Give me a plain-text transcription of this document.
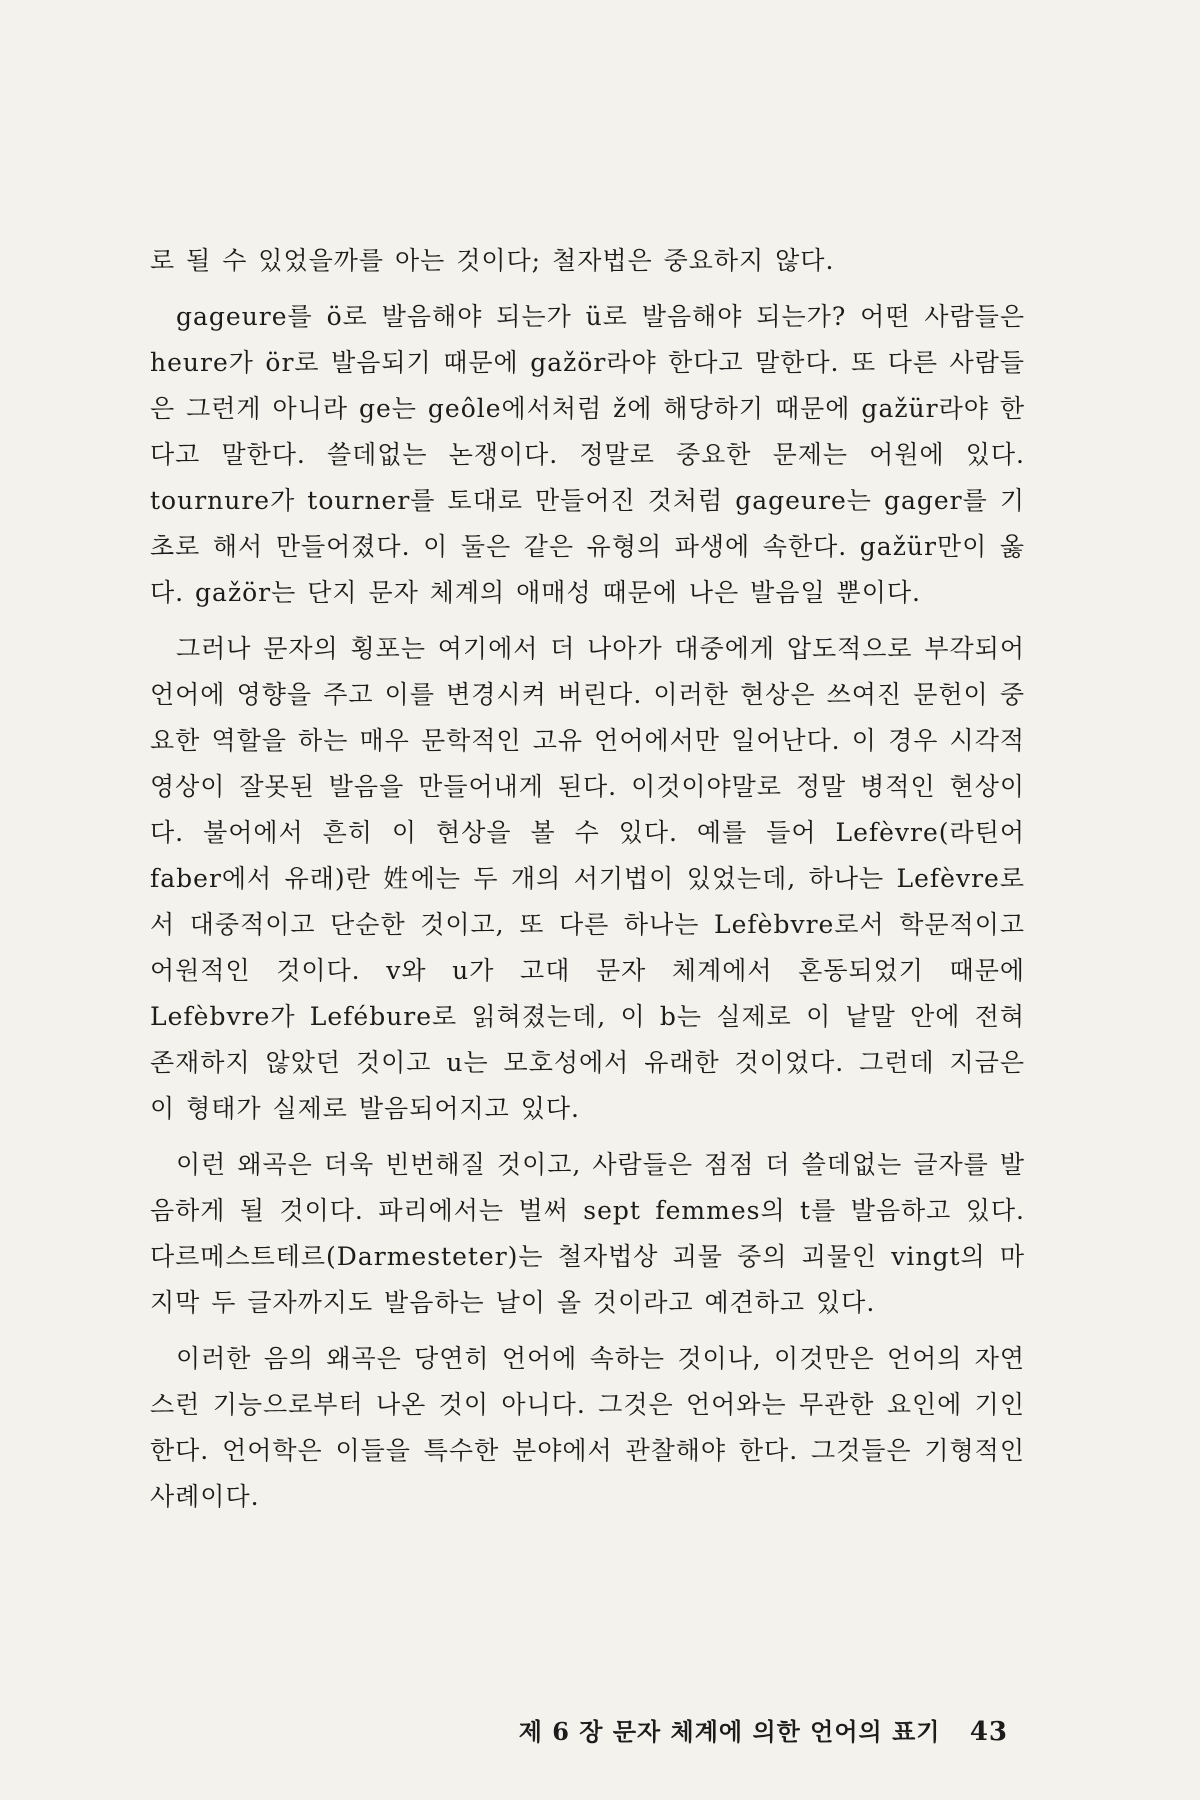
로 될 수 있었을까를 아는 것이다; 철자법은 중요하지 않다.

gageure를 ö로 발음해야 되는가 ü로 발음해야 되는가? 어떤 사람들은 heure가 ör로 발음되기 때문에 gažör라야 한다고 말한다. 또 다른 사람들은 그런게 아니라 ge는 geôle에서처럼 ž에 해당하기 때문에 gažür라야 한다고 말한다. 쓸데없는 논쟁이다. 정말로 중요한 문제는 어원에 있다. tournure가 tourner를 토대로 만들어진 것처럼 gageure는 gager를 기초로 해서 만들어졌다. 이 둘은 같은 유형의 파생에 속한다. gažür만이 옳다. gažör는 단지 문자 체계의 애매성 때문에 나은 발음일 뿐이다.

그러나 문자의 횡포는 여기에서 더 나아가 대중에게 압도적으로 부각되어 언어에 영향을 주고 이를 변경시켜 버린다. 이러한 현상은 쓰여진 문헌이 중요한 역할을 하는 매우 문학적인 고유 언어에서만 일어난다. 이 경우 시각적 영상이 잘못된 발음을 만들어내게 된다. 이것이야말로 정말 병적인 현상이다. 불어에서 흔히 이 현상을 볼 수 있다. 예를 들어 Lefèvre(라틴어 faber에서 유래)란 姓에는 두 개의 서기법이 있었는데, 하나는 Lefèvre로서 대중적이고 단순한 것이고, 또 다른 하나는 Lefèbvre로서 학문적이고 어원적인 것이다. v와 u가 고대 문자 체계에서 혼동되었기 때문에 Lefèbvre가 Lefébure로 읽혀졌는데, 이 b는 실제로 이 낱말 안에 전혀 존재하지 않았던 것이고 u는 모호성에서 유래한 것이었다. 그런데 지금은 이 형태가 실제로 발음되어지고 있다.

이런 왜곡은 더욱 빈번해질 것이고, 사람들은 점점 더 쓸데없는 글자를 발음하게 될 것이다. 파리에서는 벌써 sept femmes의 t를 발음하고 있다. 다르메스트테르(Darmesteter)는 철자법상 괴물 중의 괴물인 vingt의 마지막 두 글자까지도 발음하는 날이 올 것이라고 예견하고 있다.

이러한 음의 왜곡은 당연히 언어에 속하는 것이나, 이것만은 언어의 자연스런 기능으로부터 나온 것이 아니다. 그것은 언어와는 무관한 요인에 기인한다. 언어학은 이들을 특수한 분야에서 관찰해야 한다. 그것들은 기형적인 사례이다.

제 6 장 문자 체계에 의한 언어의 표기 43
